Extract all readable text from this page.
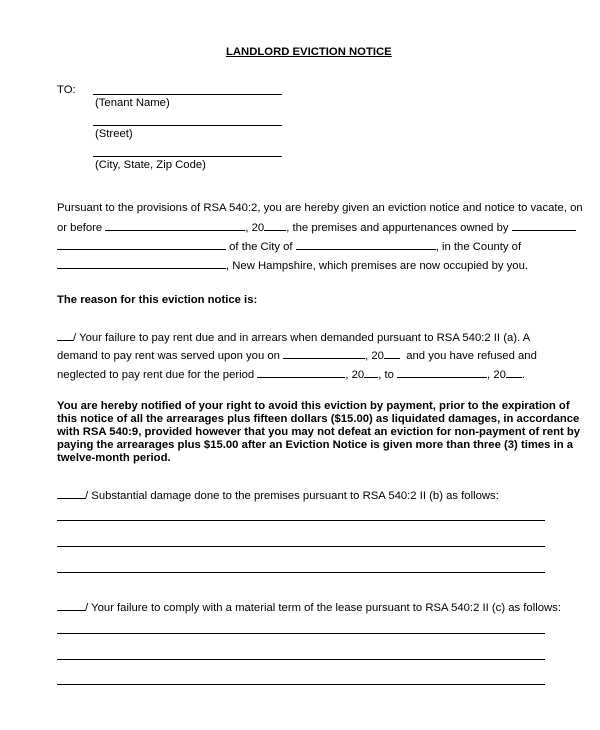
LANDLORD EVICTION NOTICE
TO:
(Tenant Name)
(Street)
(City, State, Zip Code)
Pursuant to the provisions of RSA 540:2, you are hereby given an eviction notice and notice to vacate, on
or before	, 20 , the premises and appurtenances owned by
of the City of	, in the County of
, New Hampshire, which premises are now occupied by you.
The reason for this eviction notice is:
/ Your failure to pay rent due and in arrears when demanded pursuant to RSA 540:2 II (a). A
demand to pay rent was served upon you on	, 20 and you have refused and
neglected to pay rent due for the period	, 20 , to	, 20 .
You are hereby notified of your right to avoid this eviction by payment, prior to the expiration of
this notice of all the arrearages plus fifteen dollars ($15.00) as liquidated damages, in accordance
with RSA 540:9, provided however that you may not defeat an eviction for non-payment of rent by
paying the arrearages plus $15.00 after an Eviction Notice is given more than three (3) times in a
twelve-month period.
/ Substantial damage done to the premises pursuant to RSA 540:2 II (b) as follows:
/ Your failure to comply with a material term of the lease pursuant to RSA 540:2 II (c) as follows:
